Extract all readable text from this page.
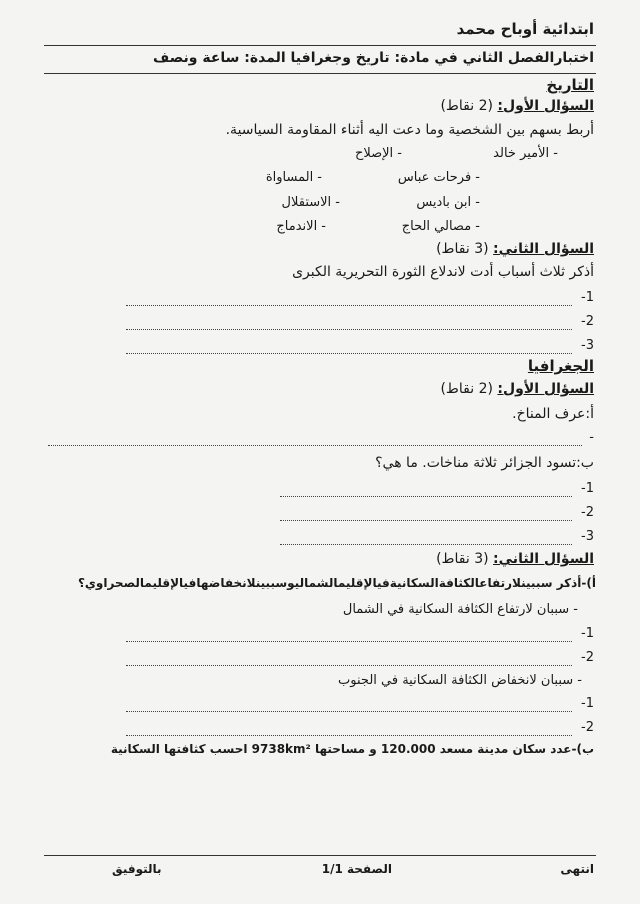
ابتدائية أوباح محمد
اختبارالفصل الثاني في مادة: تاريخ وجغرافيا المدة: ساعة ونصف
التاريخ
السؤال الأول: (2 نقاط)
أربط بسهم بين الشخصية وما دعت اليه أثناء المقاومة السياسية.
- الأمير خالد
- الإصلاح
- فرحات عباس
- المساواة
- ابن باديس
- الاستقلال
- مصالي الحاج
- الاندماج
السؤال الثاني: (3 نقاط)
أذكر ثلاث أسباب أدت لاندلاع الثورة التحريرية الكبرى
1-
2-
3-
الجغرافيا
السؤال الأول: (2 نقاط)
أ:عرف المناخ.
-
ب:تسود الجزائر ثلاثة مناخات. ما هي؟
1-
2-
3-
السؤال الثاني: (3 نقاط)
أ)-أذكر سببينلارتفاعالكثافةالسكانيةفيالإقليمالشماليوسببينلانخفاضهافيالإقليمالصحراوي؟
- سببان لارتفاع الكثافة السكانية في الشمال
1-
2-
- سببان لانخفاض الكثافة السكانية في الجنوب
1-
2-
ب)-عدد سكان مدينة مسعد 120.000 و مساحتها 9738km² احسب كثافتها السكانية
انتهى
الصفحة 1/1
بالتوفيق
